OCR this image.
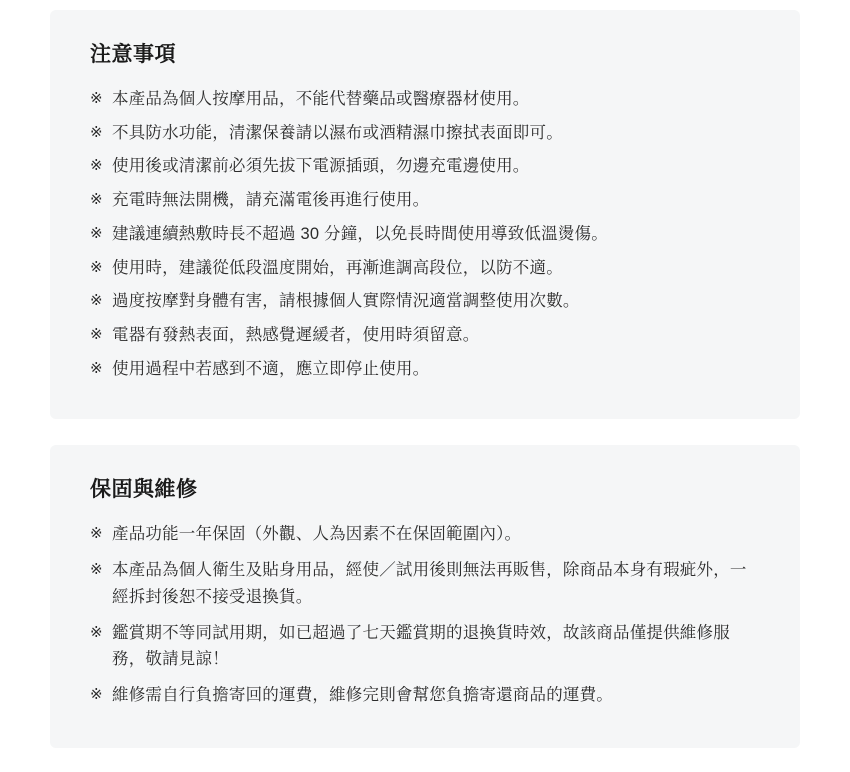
注意事項
※ 本產品為個人按摩用品，不能代替藥品或醫療器材使用。
※ 不具防水功能，清潔保養請以濕布或酒精濕巾擦拭表面即可。
※ 使用後或清潔前必須先拔下電源插頭，勿邊充電邊使用。
※ 充電時無法開機，請充滿電後再進行使用。
※ 建議連續熱敷時長不超過 30 分鐘，以免長時間使用導致低溫燙傷。
※ 使用時，建議從低段溫度開始，再漸進調高段位，以防不適。
※ 過度按摩對身體有害，請根據個人實際情況適當調整使用次數。
※ 電器有發熱表面，熱感覺遲緩者，使用時須留意。
※ 使用過程中若感到不適，應立即停止使用。
保固與維修
※ 產品功能一年保固（外觀、人為因素不在保固範圍內）。
※ 本產品為個人衛生及貼身用品，經使／試用後則無法再販售，除商品本身有瑕疵外，一經拆封後恕不接受退換貨。
※ 鑑賞期不等同試用期，如已超過了七天鑑賞期的退換貨時效，故該商品僅提供維修服務，敬請見諒！
※ 維修需自行負擔寄回的運費，維修完則會幫您負擔寄還商品的運費。
